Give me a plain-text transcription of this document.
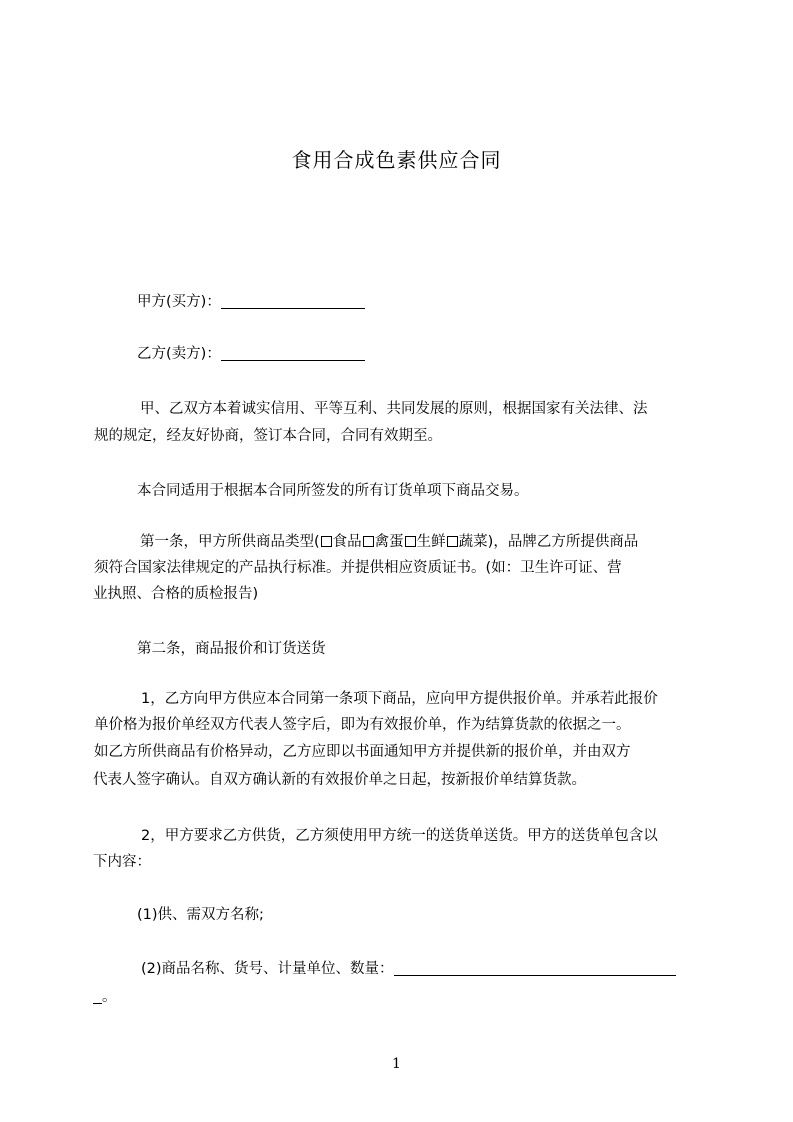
食用合成色素供应合同
甲方(买方)：
乙方(卖方)：
甲、乙双方本着诚实信用、平等互利、共同发展的原则，根据国家有关法律、法
规的规定，经友好协商，签订本合同，合同有效期至。
本合同适用于根据本合同所签发的所有订货单项下商品交易。
第一条，甲方所供商品类型( 食品 禽蛋 生鲜 蔬菜)，品牌乙方所提供商品
须符合国家法律规定的产品执行标准。并提供相应资质证书。(如：卫生许可证、营
业执照、合格的质检报告)
第二条，商品报价和订货送货
1，乙方向甲方供应本合同第一条项下商品，应向甲方提供报价单。并承若此报价
单价格为报价单经双方代表人签字后，即为有效报价单，作为结算货款的依据之一。
如乙方所供商品有价格异动，乙方应即以书面通知甲方并提供新的报价单，并由双方
代表人签字确认。自双方确认新的有效报价单之日起，按新报价单结算货款。
2，甲方要求乙方供货，乙方须使用甲方统一的送货单送货。甲方的送货单包含以
下内容：
(1)供、需双方名称;
(2)商品名称、货号、计量单位、数量：
。
1
